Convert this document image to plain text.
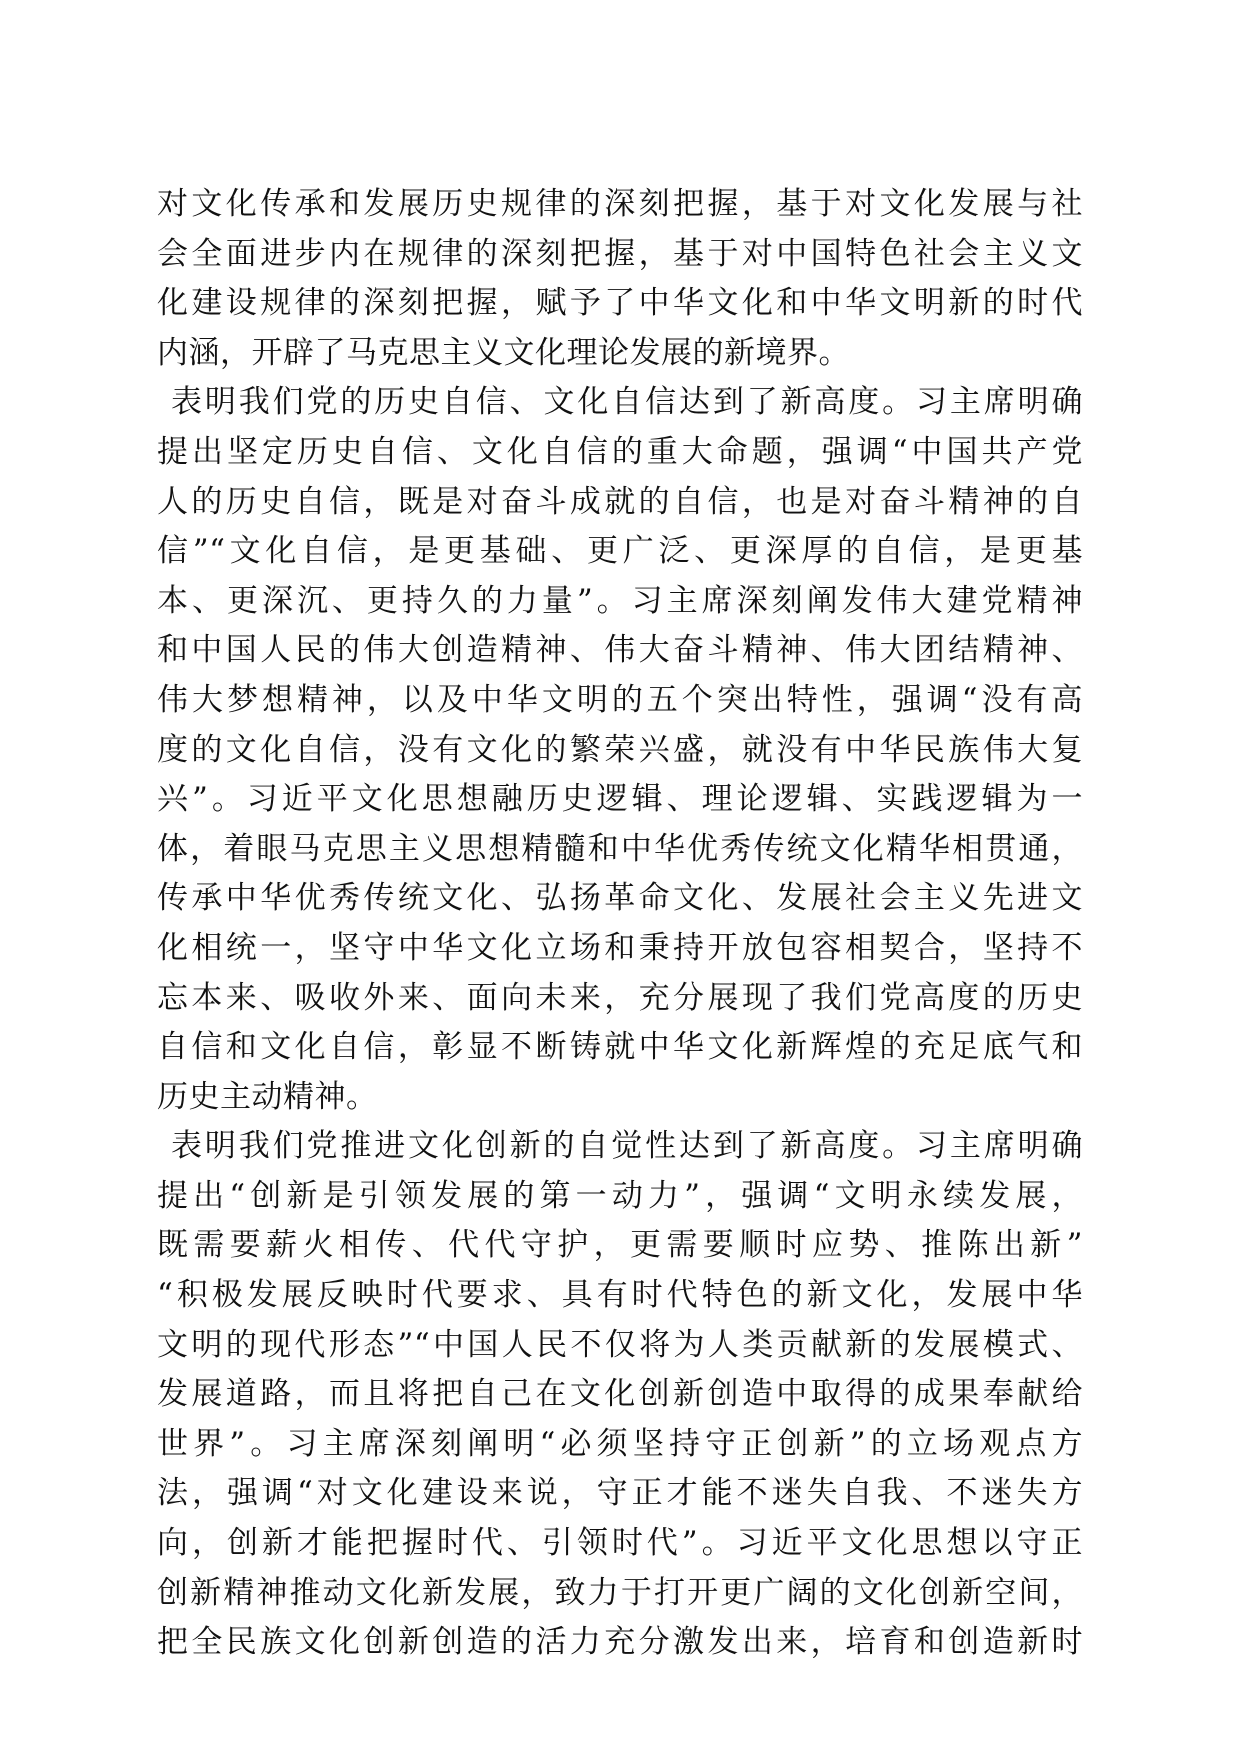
对文化传承和发展历史规律的深刻把握，基于对文化发展与社
会全面进步内在规律的深刻把握，基于对中国特色社会主义文
化建设规律的深刻把握，赋予了中华文化和中华文明新的时代
内涵，开辟了马克思主义文化理论发展的新境界。
表明我们党的历史自信、文化自信达到了新高度。习主席明确
提出坚定历史自信、文化自信的重大命题，强调“中国共产党
人的历史自信，既是对奋斗成就的自信，也是对奋斗精神的自
信”“文化自信，是更基础、更广泛、更深厚的自信，是更基
本、更深沉、更持久的力量”。习主席深刻阐发伟大建党精神
和中国人民的伟大创造精神、伟大奋斗精神、伟大团结精神、
伟大梦想精神，以及中华文明的五个突出特性，强调“没有高
度的文化自信，没有文化的繁荣兴盛，就没有中华民族伟大复
兴”。习近平文化思想融历史逻辑、理论逻辑、实践逻辑为一
体，着眼马克思主义思想精髓和中华优秀传统文化精华相贯通，
传承中华优秀传统文化、弘扬革命文化、发展社会主义先进文
化相统一，坚守中华文化立场和秉持开放包容相契合，坚持不
忘本来、吸收外来、面向未来，充分展现了我们党高度的历史
自信和文化自信，彰显不断铸就中华文化新辉煌的充足底气和
历史主动精神。
表明我们党推进文化创新的自觉性达到了新高度。习主席明确
提出“创新是引领发展的第一动力”，强调“文明永续发展，
既需要薪火相传、代代守护，更需要顺时应势、推陈出新”
“积极发展反映时代要求、具有时代特色的新文化，发展中华
文明的现代形态”“中国人民不仅将为人类贡献新的发展模式、
发展道路，而且将把自己在文化创新创造中取得的成果奉献给
世界”。习主席深刻阐明“必须坚持守正创新”的立场观点方
法，强调“对文化建设来说，守正才能不迷失自我、不迷失方
向，创新才能把握时代、引领时代”。习近平文化思想以守正
创新精神推动文化新发展，致力于打开更广阔的文化创新空间，
把全民族文化创新创造的活力充分激发出来，培育和创造新时
